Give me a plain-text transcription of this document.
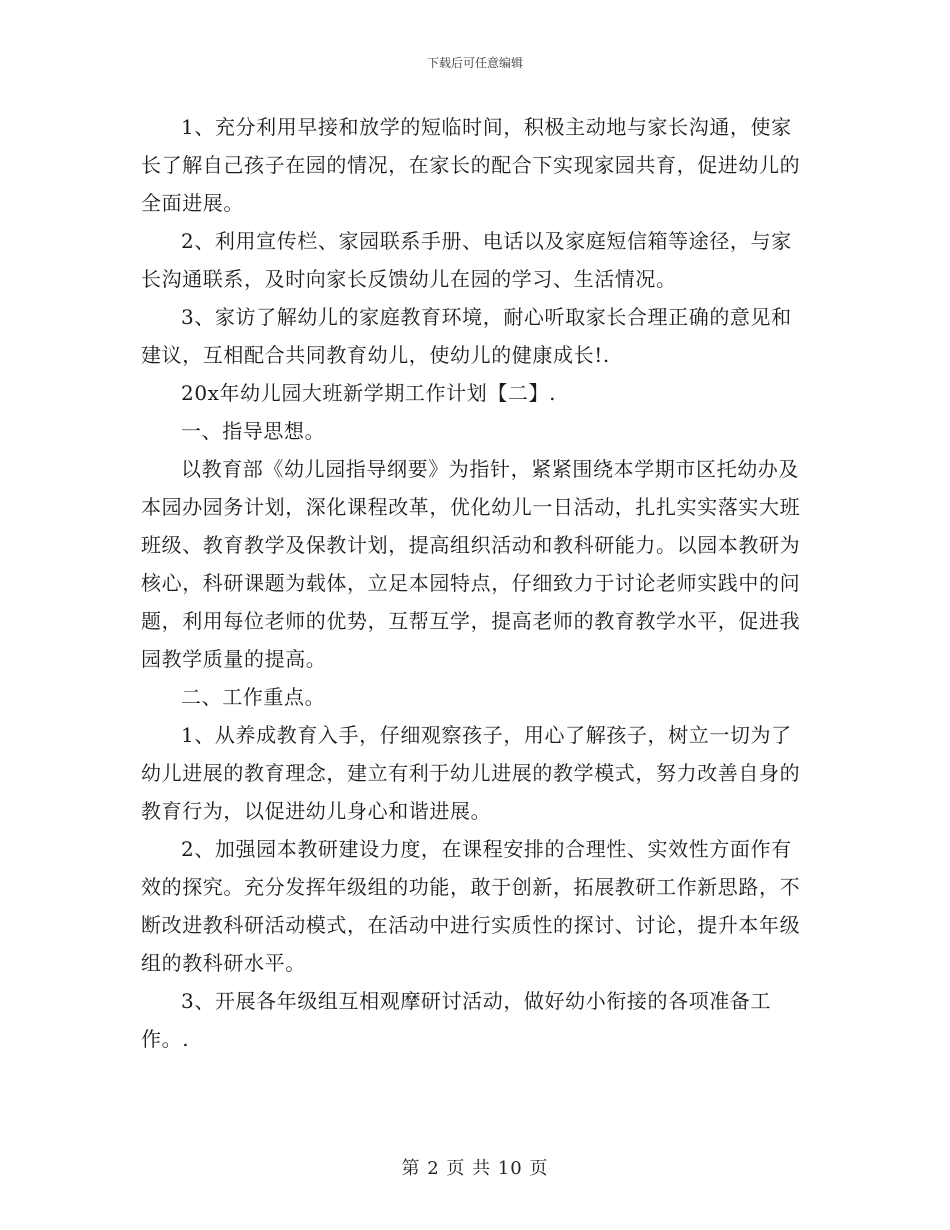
下载后可任意编辑

1、充分利用早接和放学的短临时间，积极主动地与家长沟通，使家长了解自己孩子在园的情况，在家长的配合下实现家园共育，促进幼儿的全面进展。

2、利用宣传栏、家园联系手册、电话以及家庭短信箱等途径，与家长沟通联系，及时向家长反馈幼儿在园的学习、生活情况。

3、家访了解幼儿的家庭教育环境，耐心听取家长合理正确的意见和建议，互相配合共同教育幼儿，使幼儿的健康成长!.

20x年幼儿园大班新学期工作计划【二】.

一、指导思想。

以教育部《幼儿园指导纲要》为指针，紧紧围绕本学期市区托幼办及本园办园务计划，深化课程改革，优化幼儿一日活动，扎扎实实落实大班班级、教育教学及保教计划，提高组织活动和教科研能力。以园本教研为核心，科研课题为载体，立足本园特点，仔细致力于讨论老师实践中的问题，利用每位老师的优势，互帮互学，提高老师的教育教学水平，促进我园教学质量的提高。

二、工作重点。

1、从养成教育入手，仔细观察孩子，用心了解孩子，树立一切为了幼儿进展的教育理念，建立有利于幼儿进展的教学模式，努力改善自身的教育行为，以促进幼儿身心和谐进展。

2、加强园本教研建设力度，在课程安排的合理性、实效性方面作有效的探究。充分发挥年级组的功能，敢于创新，拓展教研工作新思路，不断改进教科研活动模式，在活动中进行实质性的探讨、讨论，提升本年级组的教科研水平。

3、开展各年级组互相观摩研讨活动，做好幼小衔接的各项准备工作。.

第 2 页 共 10 页
